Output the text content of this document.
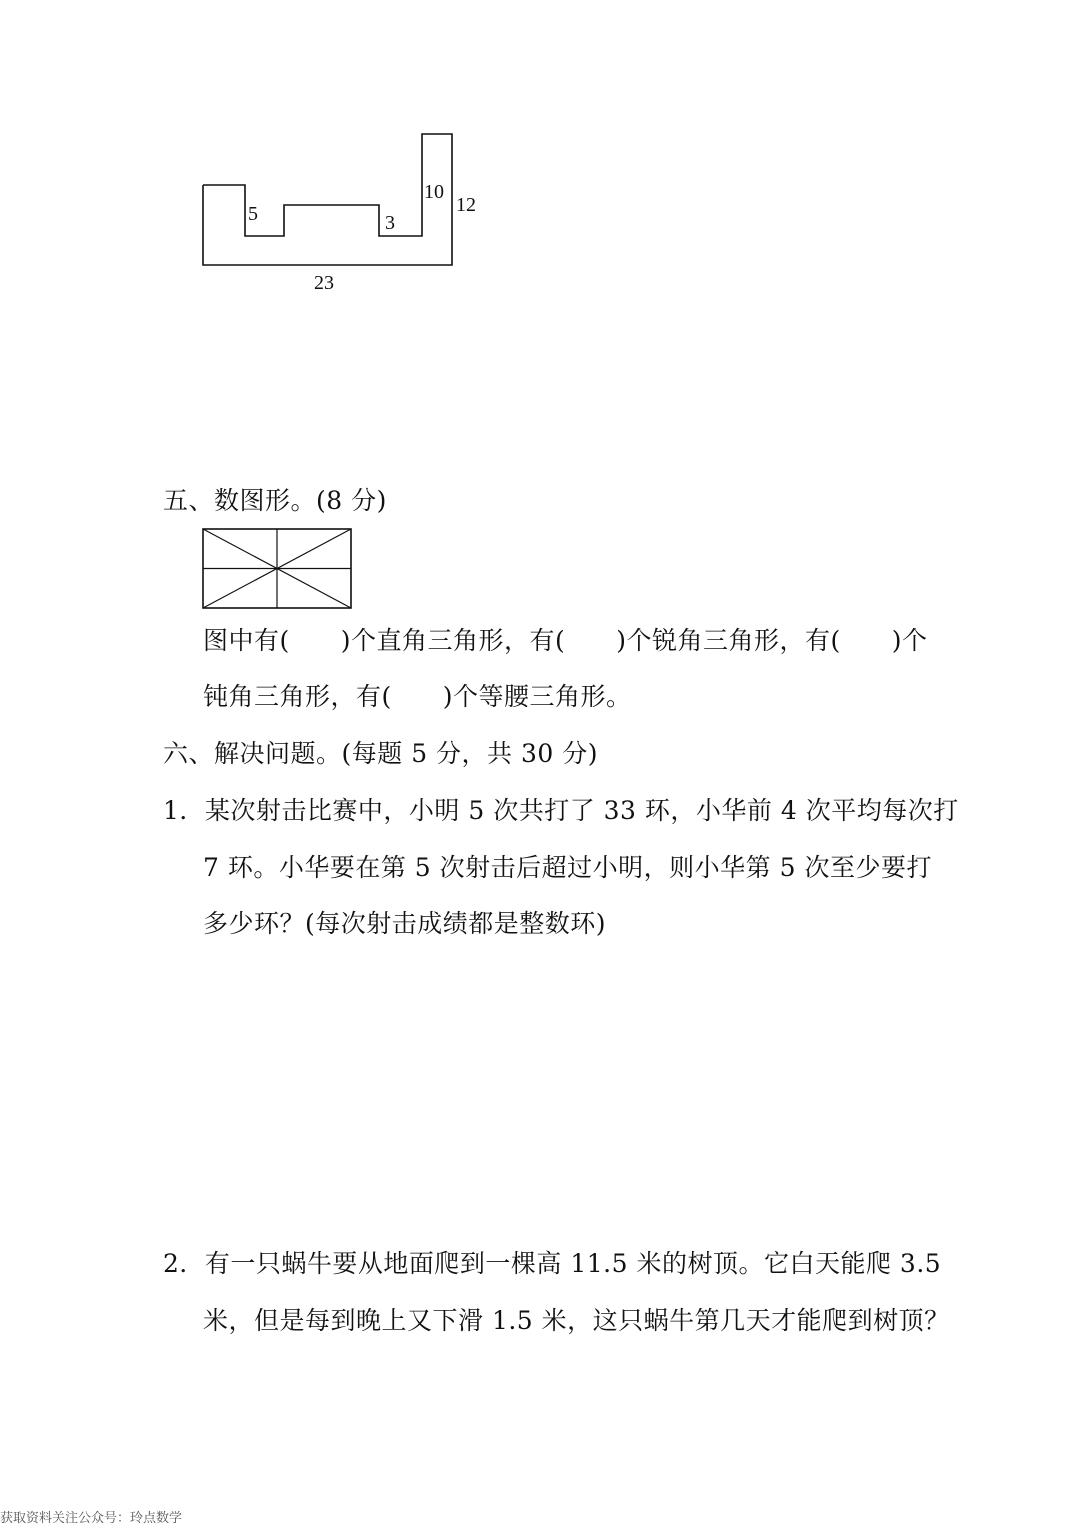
5	3
10
12
23
五、数图形。(8 分)
图中有(　　)个直角三角形，有(　　)个锐角三角形，有(　　)个
钝角三角形，有(　　)个等腰三角形。
六、解决问题。(每题 5 分，共 30 分)
1．某次射击比赛中，小明 5 次共打了 33 环，小华前 4 次平均每次打
7 环。小华要在第 5 次射击后超过小明，则小华第 5 次至少要打
多少环？(每次射击成绩都是整数环)
2．有一只蜗牛要从地面爬到一棵高 11.5 米的树顶。它白天能爬 3.5
米，但是每到晚上又下滑 1.5 米，这只蜗牛第几天才能爬到树顶？
获取资料关注公众号：玲点数学
